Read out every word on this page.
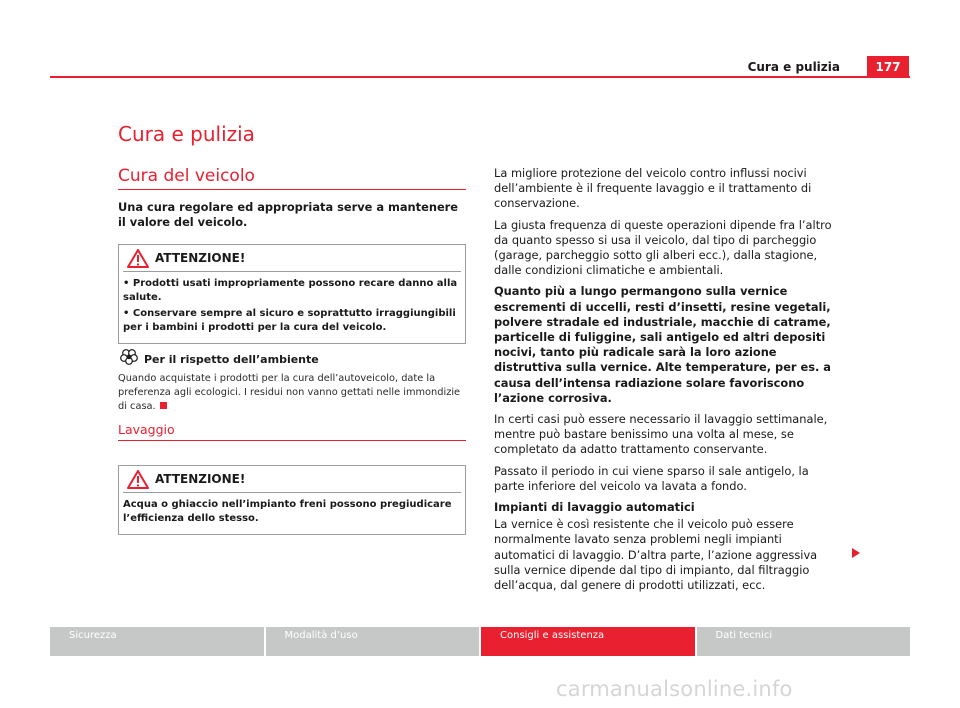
Cura e pulizia	177
Cura e pulizia
Cura del veicolo
Una cura regolare ed appropriata serve a mantenere il valore del veicolo.
ATTENZIONE!

• Prodotti usati impropriamente possono recare danno alla salute.

• Conservare sempre al sicuro e soprattutto irraggiungibili per i bambini i prodotti per la cura del veicolo.

Per il rispetto dell’ambiente
Quando acquistate i prodotti per la cura dell’autoveicolo, date la preferenza agli ecologici. I residui non vanno gettati nelle immondizie di casa.
Lavaggio
ATTENZIONE!

Acqua o ghiaccio nell’impianto freni possono pregiudicare l’efficienza dello stesso.

La migliore protezione del veicolo contro influssi nocivi dell’ambiente è il frequente lavaggio e il trattamento di conservazione.

La giusta frequenza di queste operazioni dipende fra l’altro da quanto spesso si usa il veicolo, dal tipo di parcheggio (garage, parcheggio sotto gli alberi ecc.), dalla stagione, dalle condizioni climatiche e ambientali.

Quanto più a lungo permangono sulla vernice escrementi di uccelli, resti d’insetti, resine vegetali, polvere stradale ed industriale, macchie di catrame, particelle di fuliggine, sali antigelo ed altri depositi nocivi, tanto più radicale sarà la loro azione distruttiva sulla vernice. Alte temperature, per es. a causa dell’intensa radiazione solare favoriscono l’azione corrosiva.

In certi casi può essere necessario il lavaggio settimanale, mentre può bastare benissimo una volta al mese, se completato da adatto trattamento conservante.

Passato il periodo in cui viene sparso il sale antigelo, la parte inferiore del veicolo va lavata a fondo.

Impianti di lavaggio automatici

La vernice è così resistente che il veicolo può essere normalmente lavato senza problemi negli impianti automatici di lavaggio. D’altra parte, l’azione aggressiva sulla vernice dipende dal tipo di impianto, dal filtraggio dell’acqua, dal genere di prodotti utilizzati, ecc.

Sicurezza	Modalità d’uso	Consigli e assistenza	Dati tecnici
carmanualsonline.info
